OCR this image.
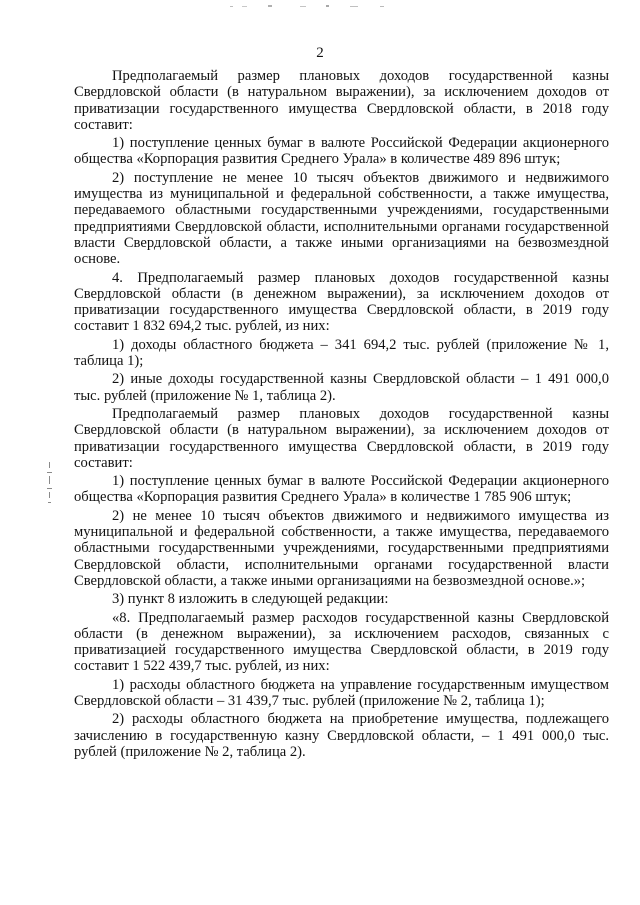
2

Предполагаемый размер плановых доходов государственной казны Свердловской области (в натуральном выражении), за исключением доходов от приватизации государственного имущества Свердловской области, в 2018 году составит:

1) поступление ценных бумаг в валюте Российской Федерации акционерного общества «Корпорация развития Среднего Урала» в количестве 489 896 штук;

2) поступление не менее 10 тысяч объектов движимого и недвижимого имущества из муниципальной и федеральной собственности, а также имущества, передаваемого областными государственными учреждениями, государственными предприятиями Свердловской области, исполнительными органами государственной власти Свердловской области, а также иными организациями на безвозмездной основе.

4. Предполагаемый размер плановых доходов государственной казны Свердловской области (в денежном выражении), за исключением доходов от приватизации государственного имущества Свердловской области, в 2019 году составит 1 832 694,2 тыс. рублей, из них:

1) доходы областного бюджета – 341 694,2 тыс. рублей (приложение № 1, таблица 1);

2) иные доходы государственной казны Свердловской области – 1 491 000,0 тыс. рублей (приложение № 1, таблица 2).

Предполагаемый размер плановых доходов государственной казны Свердловской области (в натуральном выражении), за исключением доходов от приватизации государственного имущества Свердловской области, в 2019 году составит:

1) поступление ценных бумаг в валюте Российской Федерации акционерного общества «Корпорация развития Среднего Урала» в количестве 1 785 906 штук;

2) не менее 10 тысяч объектов движимого и недвижимого имущества из муниципальной и федеральной собственности, а также имущества, передаваемого областными государственными учреждениями, государственными предприятиями Свердловской области, исполнительными органами государственной власти Свердловской области, а также иными организациями на безвозмездной основе.»;

3) пункт 8 изложить в следующей редакции:

«8. Предполагаемый размер расходов государственной казны Свердловской области (в денежном выражении), за исключением расходов, связанных с приватизацией государственного имущества Свердловской области, в 2019 году составит 1 522 439,7 тыс. рублей, из них:

1) расходы областного бюджета на управление государственным имуществом Свердловской области – 31 439,7 тыс. рублей (приложение № 2, таблица 1);

2) расходы областного бюджета на приобретение имущества, подлежащего зачислению в государственную казну Свердловской области, – 1 491 000,0 тыс. рублей (приложение № 2, таблица 2).
